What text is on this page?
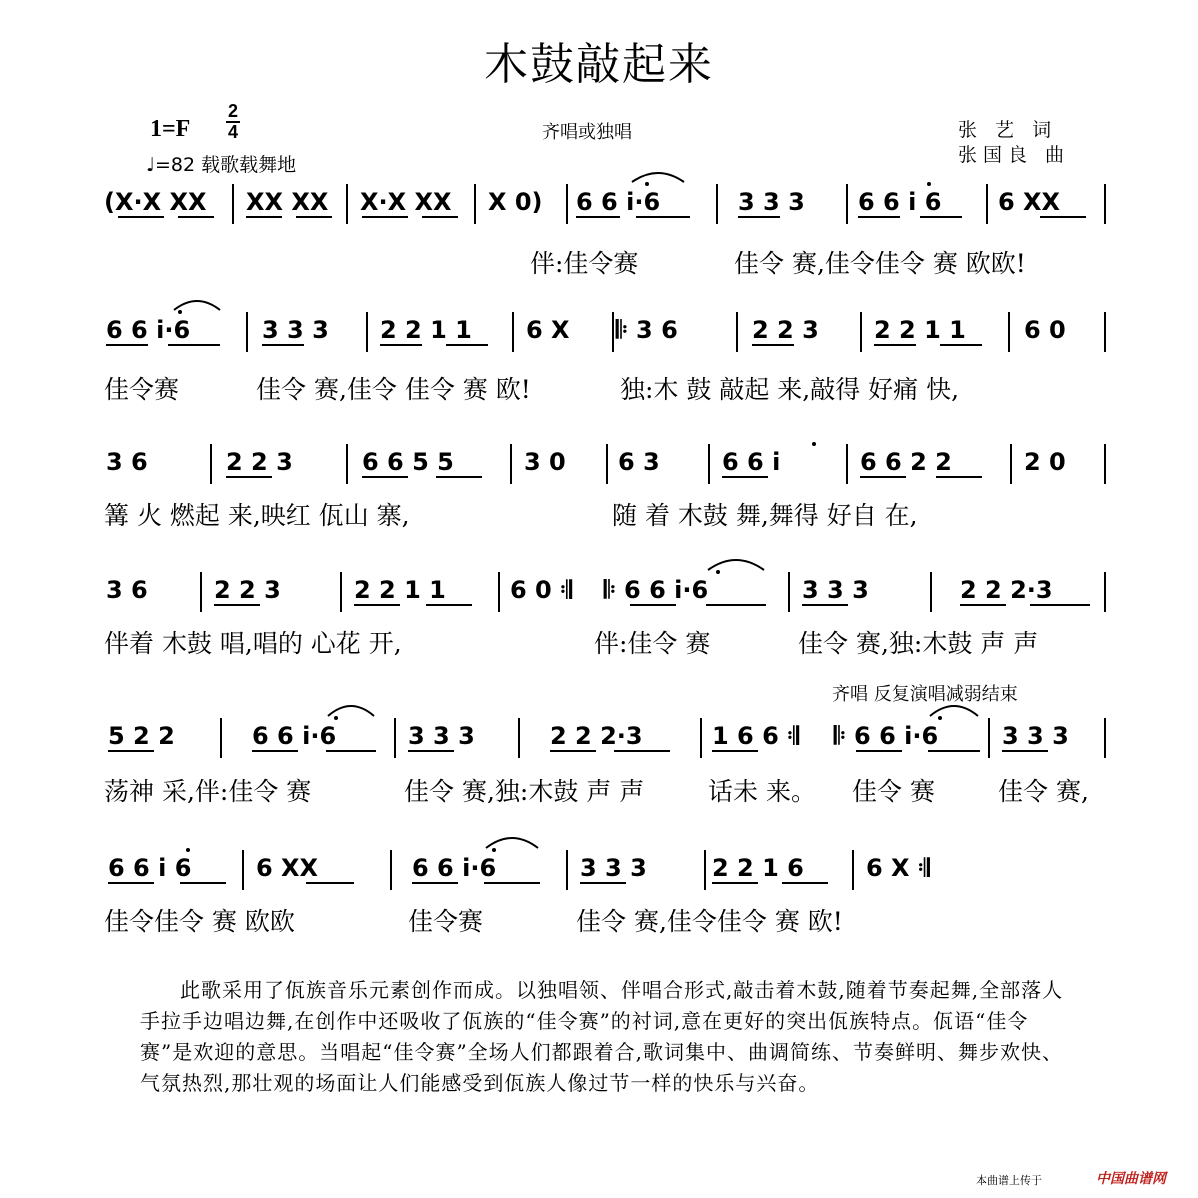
木鼓敲起来
1=F
2
4
♩=82 载歌载舞地
齐唱或独唱	张 艺 词
张国良 曲
(X·X XX XX XX X·X XX X 0) 6 6 i·6	3 3 3 6 6 i 6 6 XX
伴:佳令赛	佳令 赛,佳令佳令 赛 欧欧!
6 6 i·6	3 3 3 2 2 1 1 6 X 𝄆 3 6	2 2 3 2 2 1 1 6 0
佳令赛	佳令 赛,佳令 佳令 赛 欧!	独:木 鼓 敲起 来,敲得 好痛 快,
3 6	2 2 3	6 6 5 5	3 0 6 3	6 6 i	6 6 2 2	2 0
篝 火 燃起 来,映红 佤山 寨,	随 着 木鼓 舞,舞得 好自 在,
3 6	2 2 3	2 2 1 1	6 0 𝄇 𝄆 6 6 i·6	3 3 3	2 2 2·3
伴着 木鼓 唱,唱的 心花 开,	伴:佳令 赛	佳令 赛,独:木鼓 声 声
齐唱 反复演唱减弱结束
5 2 2	6 6 i·6	3 3 3	2 2 2·3	1 6 6 𝄇 𝄆 6 6 i·6	3 3 3
荡神 采,伴:佳令 赛	佳令 赛,独:木鼓 声 声	话未 来。 佳令 赛	佳令 赛,
6 6 i 6	6 XX	6 6 i·6	3 3 3	2 2 1 6	6 X 𝄇
佳令佳令 赛 欧欧	佳令赛	佳令 赛,佳令佳令 赛 欧!
此歌采用了佤族音乐元素创作而成。以独唱领、伴唱合形式,敲击着木鼓,随着节奏起舞,全部落人手拉手边唱边舞,在创作中还吸收了佤族的“佳令赛”的衬词,意在更好的突出佤族特点。佤语“佳令赛”是欢迎的意思。当唱起“佳令赛”全场人们都跟着合,歌词集中、曲调简练、节奏鲜明、舞步欢快、气氛热烈,那壮观的场面让人们能感受到佤族人像过节一样的快乐与兴奋。
本曲谱上传于	中国曲谱网
